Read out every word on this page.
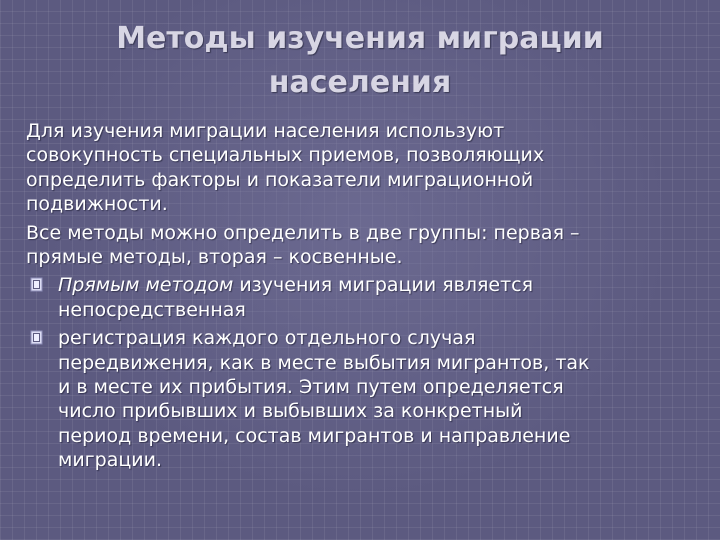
Методы изучения миграции
населения

Для изучения миграции населения используют
совокупность специальных приемов, позволяющих
определить факторы и показатели миграционной
подвижности.

Все методы можно определить в две группы: первая –
прямые методы, вторая – косвенные.

Прямым методом изучения миграции является
непосредственная
регистрация каждого отдельного случая
передвижения, как в месте выбытия мигрантов, так
и в месте их прибытия. Этим путем определяется
число прибывших и выбывших за конкретный
период времени, состав мигрантов и направление
миграции.
